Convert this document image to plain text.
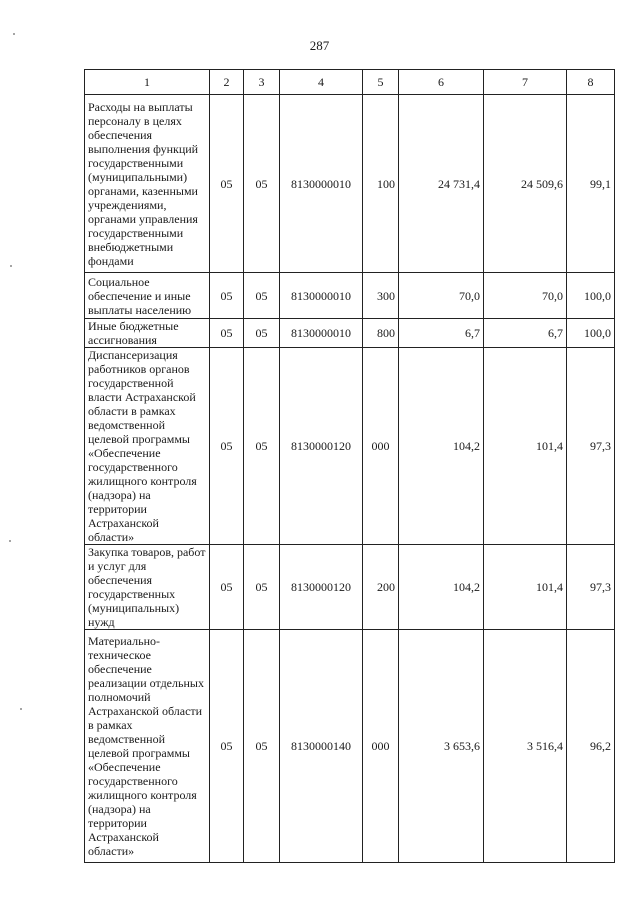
287
1	2	3	4	5	6	7	8
Расходы на выплаты персоналу в целях обеспечения выполнения функций государственными (муниципальными) органами, казенными учреждениями, органами управления государственными внебюджетными фондами	05	05	8130000010	100	24 731,4	24 509,6	99,1
Социальное обеспечение и иные выплаты населению	05	05	8130000010	300	70,0	70,0	100,0
Иные бюджетные ассигнования	05	05	8130000010	800	6,7	6,7	100,0
Диспансеризация работников органов государственной власти Астраханской области в рамках ведомственной целевой программы «Обеспечение государственного жилищного контроля (надзора) на территории Астраханской области»	05	05	8130000120	000	104,2	101,4	97,3
Закупка товаров, работ и услуг для обеспечения государственных (муниципальных) нужд	05	05	8130000120	200	104,2	101,4	97,3
Материально-техническое обеспечение реализации отдельных полномочий Астраханской области в рамках ведомственной целевой программы «Обеспечение государственного жилищного контроля (надзора) на территории Астраханской области»	05	05	8130000140	000	3 653,6	3 516,4	96,2
